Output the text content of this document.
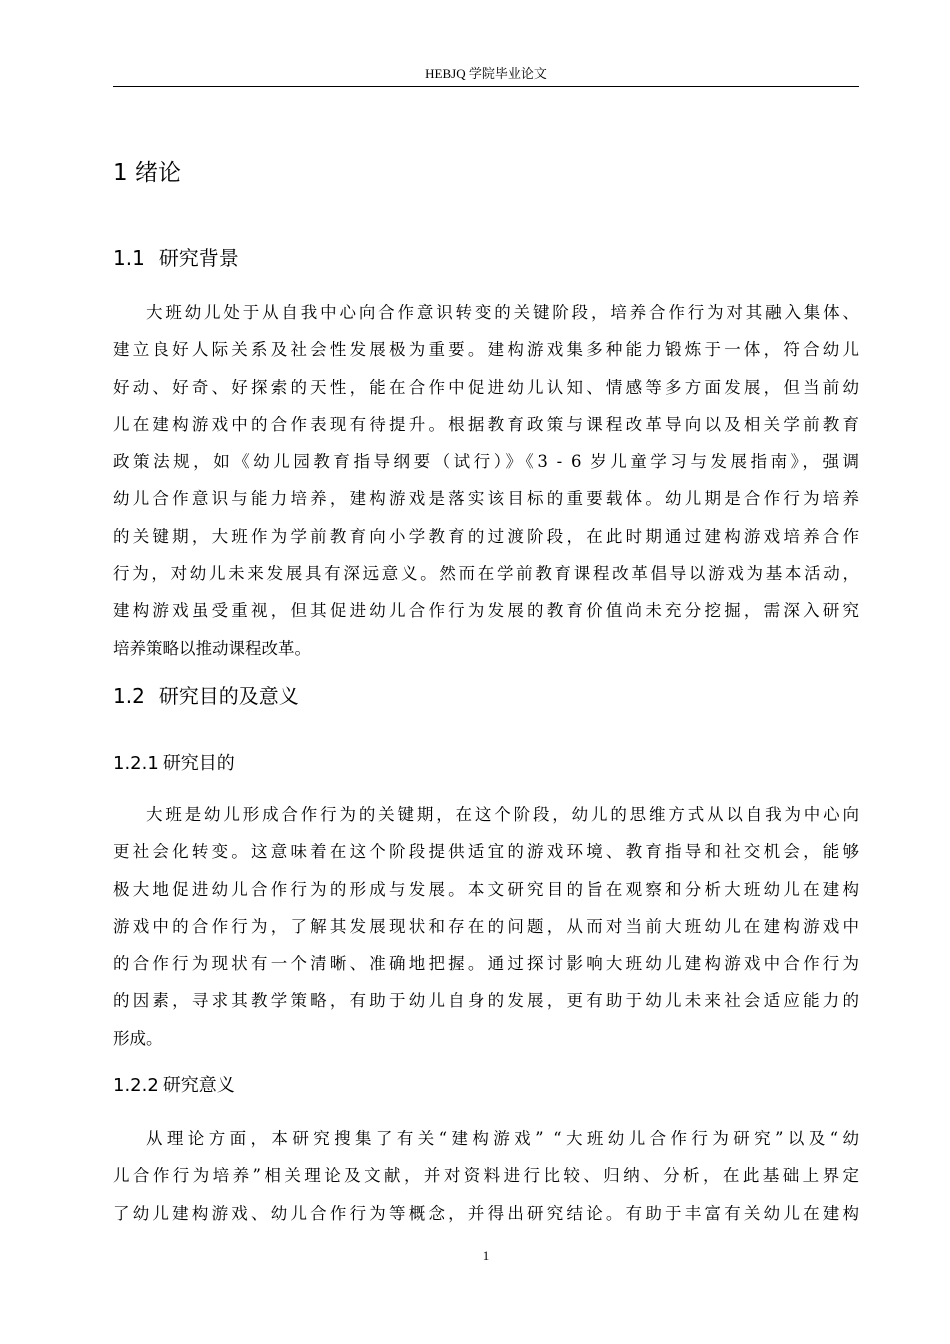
HEBJQ 学院毕业论文
1 绪论
1.1 研究背景
大班幼儿处于从自我中心向合作意识转变的关键阶段，培养合作行为对其融入集体、
建立良好人际关系及社会性发展极为重要。建构游戏集多种能力锻炼于一体，符合幼儿
好动、好奇、好探索的天性，能在合作中促进幼儿认知、情感等多方面发展，但当前幼
儿在建构游戏中的合作表现有待提升。根据教育政策与课程改革导向以及相关学前教育
政策法规，如《幼儿园教育指导纲要（试行）》《3 - 6 岁儿童学习与发展指南》，强调
幼儿合作意识与能力培养，建构游戏是落实该目标的重要载体。幼儿期是合作行为培养
的关键期，大班作为学前教育向小学教育的过渡阶段，在此时期通过建构游戏培养合作
行为，对幼儿未来发展具有深远意义。然而在学前教育课程改革倡导以游戏为基本活动，
建构游戏虽受重视，但其促进幼儿合作行为发展的教育价值尚未充分挖掘，需深入研究
培养策略以推动课程改革。
1.2 研究目的及意义
1.2.1 研究目的
大班是幼儿形成合作行为的关键期，在这个阶段，幼儿的思维方式从以自我为中心向
更社会化转变。这意味着在这个阶段提供适宜的游戏环境、教育指导和社交机会，能够
极大地促进幼儿合作行为的形成与发展。本文研究目的旨在观察和分析大班幼儿在建构
游戏中的合作行为，了解其发展现状和存在的问题，从而对当前大班幼儿在建构游戏中
的合作行为现状有一个清晰、准确地把握。通过探讨影响大班幼儿建构游戏中合作行为
的因素，寻求其教学策略，有助于幼儿自身的发展，更有助于幼儿未来社会适应能力的
形成。
1.2.2 研究意义
从理论方面，本研究搜集了有关“建构游戏” “大班幼儿合作行为研究”以及“幼
儿合作行为培养”相关理论及文献，并对资料进行比较、归纳、分析，在此基础上界定
了幼儿建构游戏、幼儿合作行为等概念，并得出研究结论。有助于丰富有关幼儿在建构
1
